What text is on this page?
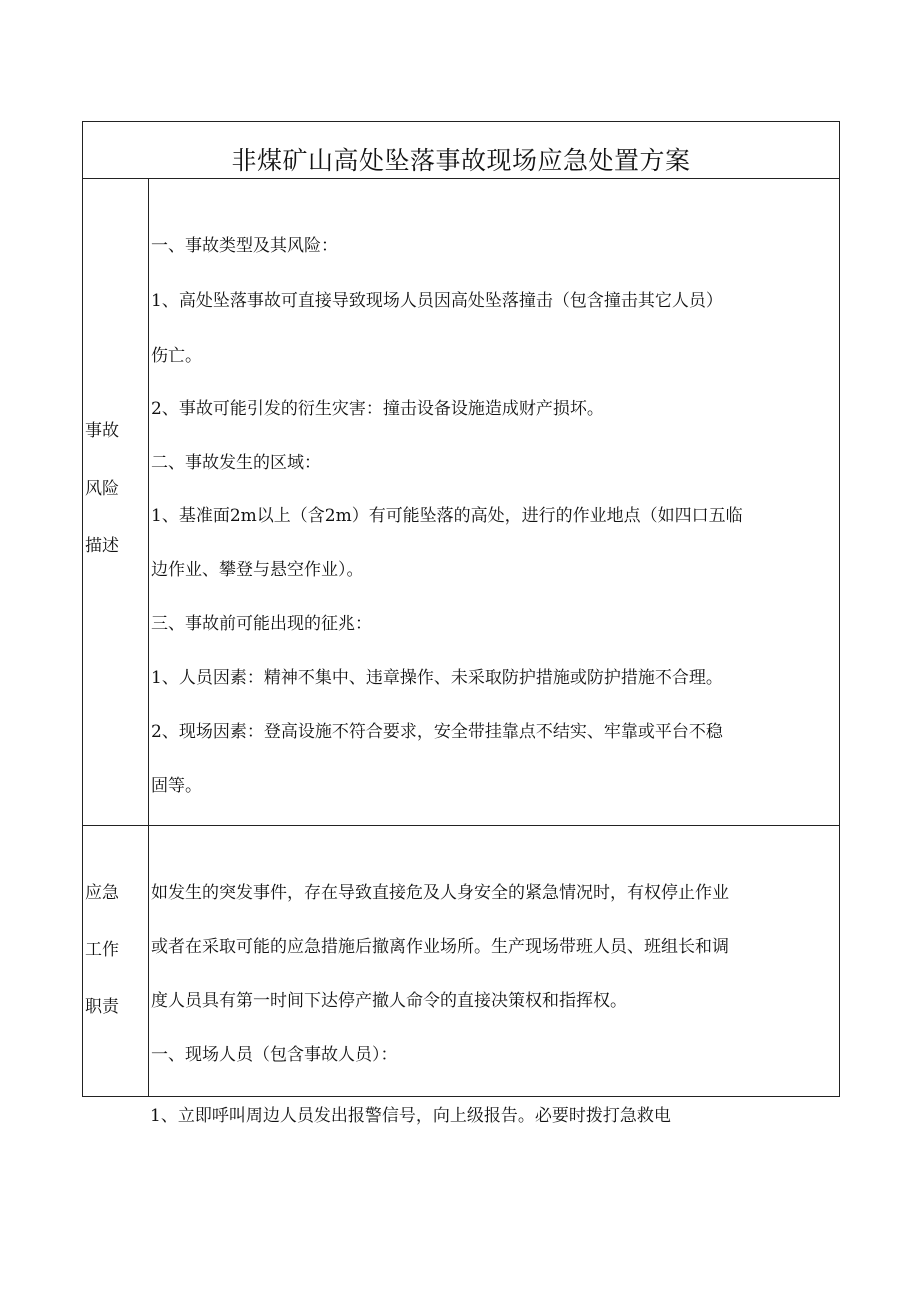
非煤矿山高处坠落事故现场应急处置方案
事故
风险
描述

一、事故类型及其风险：

1、高处坠落事故可直接导致现场人员因高处坠落撞击（包含撞击其它人员）

伤亡。

2、事故可能引发的衍生灾害：撞击设备设施造成财产损坏。

二、事故发生的区域：

1、基准面2m以上（含2m）有可能坠落的高处，进行的作业地点（如四口五临

边作业、攀登与悬空作业）。

三、事故前可能出现的征兆：

1、人员因素：精神不集中、违章操作、未采取防护措施或防护措施不合理。

2、现场因素：登高设施不符合要求，安全带挂靠点不结实、牢靠或平台不稳

固等。

应急
工作
职责

如发生的突发事件，存在导致直接危及人身安全的紧急情况时，有权停止作业

或者在采取可能的应急措施后撤离作业场所。生产现场带班人员、班组长和调

度人员具有第一时间下达停产撤人命令的直接决策权和指挥权。

一、现场人员（包含事故人员）：

1、立即呼叫周边人员发出报警信号，向上级报告。必要时拨打急救电
